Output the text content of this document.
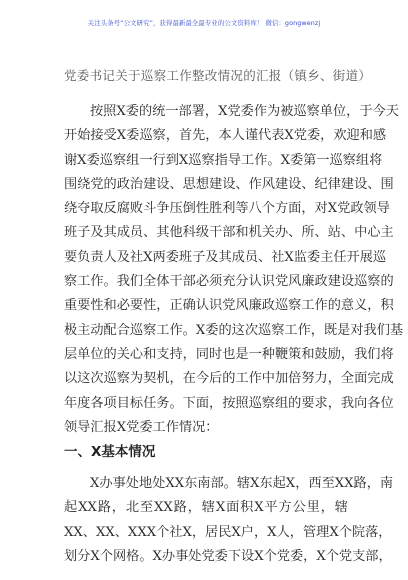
关注头条号“公文研究”，获得最新最全最专业的公文资料库！ 微信：gongwenzj
党委书记关于巡察工作整改情况的汇报（镇乡、街道）
按照X委的统一部署，X党委作为被巡察单位，于今天
开始接受X委巡察，首先，本人谨代表X党委，欢迎和感
谢X委巡察组一行到X巡察指导工作。X委第一巡察组将
围绕党的政治建设、思想建设、作风建设、纪律建设、围
绕夺取反腐败斗争压倒性胜利等八个方面，对X党政领导
班子及其成员、其他科级干部和机关办、所、站、中心主
要负责人及社X两委班子及其成员、社X监委主任开展巡
察工作。我们全体干部必须充分认识党风廉政建设巡察的
重要性和必要性，正确认识党风廉政巡察工作的意义，积
极主动配合巡察工作。X委的这次巡察工作，既是对我们基
层单位的关心和支持，同时也是一种鞭策和鼓励，我们将
以这次巡察为契机，在今后的工作中加倍努力，全面完成
年度各项目标任务。下面，按照巡察组的要求，我向各位
领导汇报X党委工作情况：
一、X基本情况
X办事处地处XX东南部。辖X东起X，西至XX路，南
起XX路，北至XX路，辖X面积X平方公里，辖
XX、XX、XXX个社X，居民X户，X人，管理X个院落，
划分X个网格。X办事处党委下设X个党委，X个党支部，
